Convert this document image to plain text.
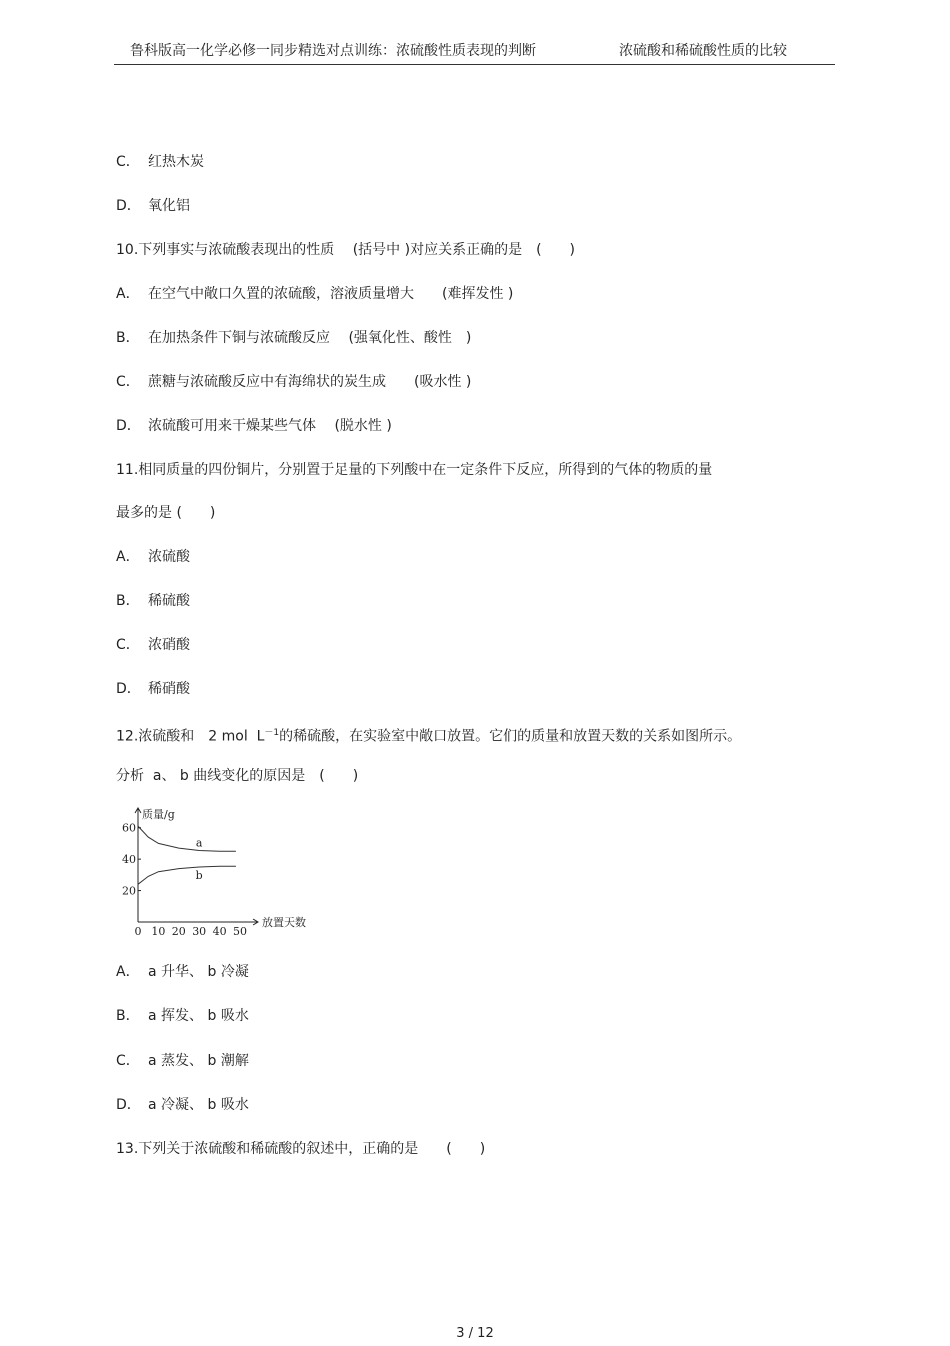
鲁科版高一化学必修一同步精选对点训练：浓硫酸性质表现的判断	浓硫酸和稀硫酸性质的比较
C． 红热木炭
D． 氧化铝
10.下列事实与浓硫酸表现出的性质　 (括号中 )对应关系正确的是　(　　)
A． 在空气中敞口久置的浓硫酸，溶液质量增大　　(难挥发性 )
B． 在加热条件下铜与浓硫酸反应　 (强氧化性、酸性　)
C． 蔗糖与浓硫酸反应中有海绵状的炭生成　　(吸水性 )
D． 浓硫酸可用来干燥某些气体　 (脱水性 )
11.相同质量的四份铜片，分别置于足量的下列酸中在一定条件下反应，所得到的气体的物质的量
最多的是 (　　)
A． 浓硫酸
B． 稀硫酸
C． 浓硝酸
D． 稀硝酸
12.浓硫酸和　2 mol  $L^{-1}$的稀硫酸，在实验室中敞口放置。它们的质量和放置天数的关系如图所示。
分析  a、 b 曲线变化的原因是　(　　)
0 10 20 30 40 50
20
40
60
质量/g
放置天数
a
b
A． a 升华、 b 冷凝
B． a 挥发、 b 吸水
C． a 蒸发、 b 潮解
D． a 冷凝、 b 吸水
13.下列关于浓硫酸和稀硫酸的叙述中，正确的是　　(　　)
3 / 12
